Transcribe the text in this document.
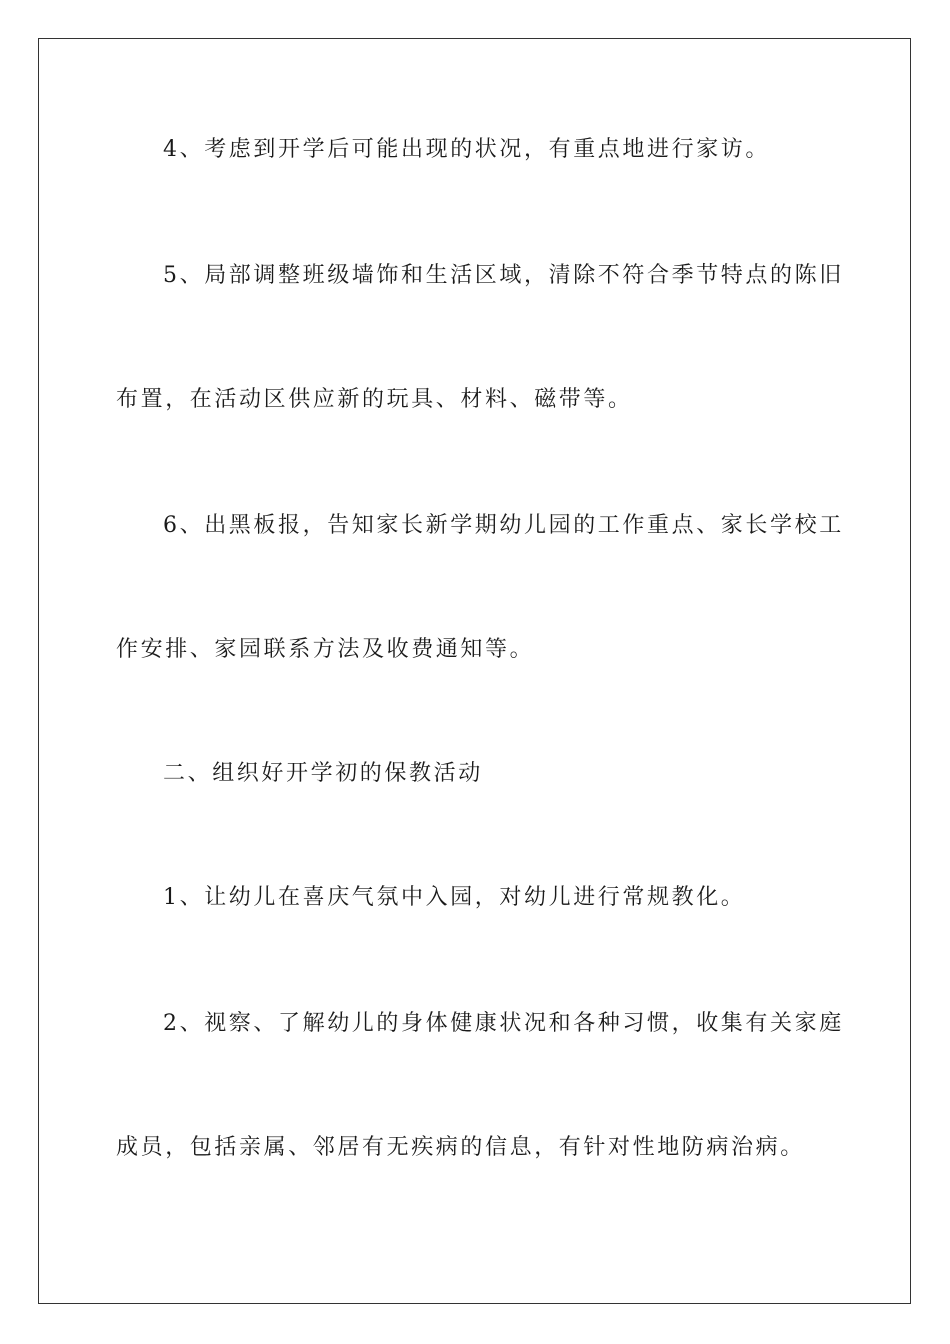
4、考虑到开学后可能出现的状况，有重点地进行家访。
5、局部调整班级墙饰和生活区域，清除不符合季节特点的陈旧
布置，在活动区供应新的玩具、材料、磁带等。
6、出黑板报，告知家长新学期幼儿园的工作重点、家长学校工
作安排、家园联系方法及收费通知等。
二、组织好开学初的保教活动
1、让幼儿在喜庆气氛中入园，对幼儿进行常规教化。
2、视察、了解幼儿的身体健康状况和各种习惯，收集有关家庭
成员，包括亲属、邻居有无疾病的信息，有针对性地防病治病。
